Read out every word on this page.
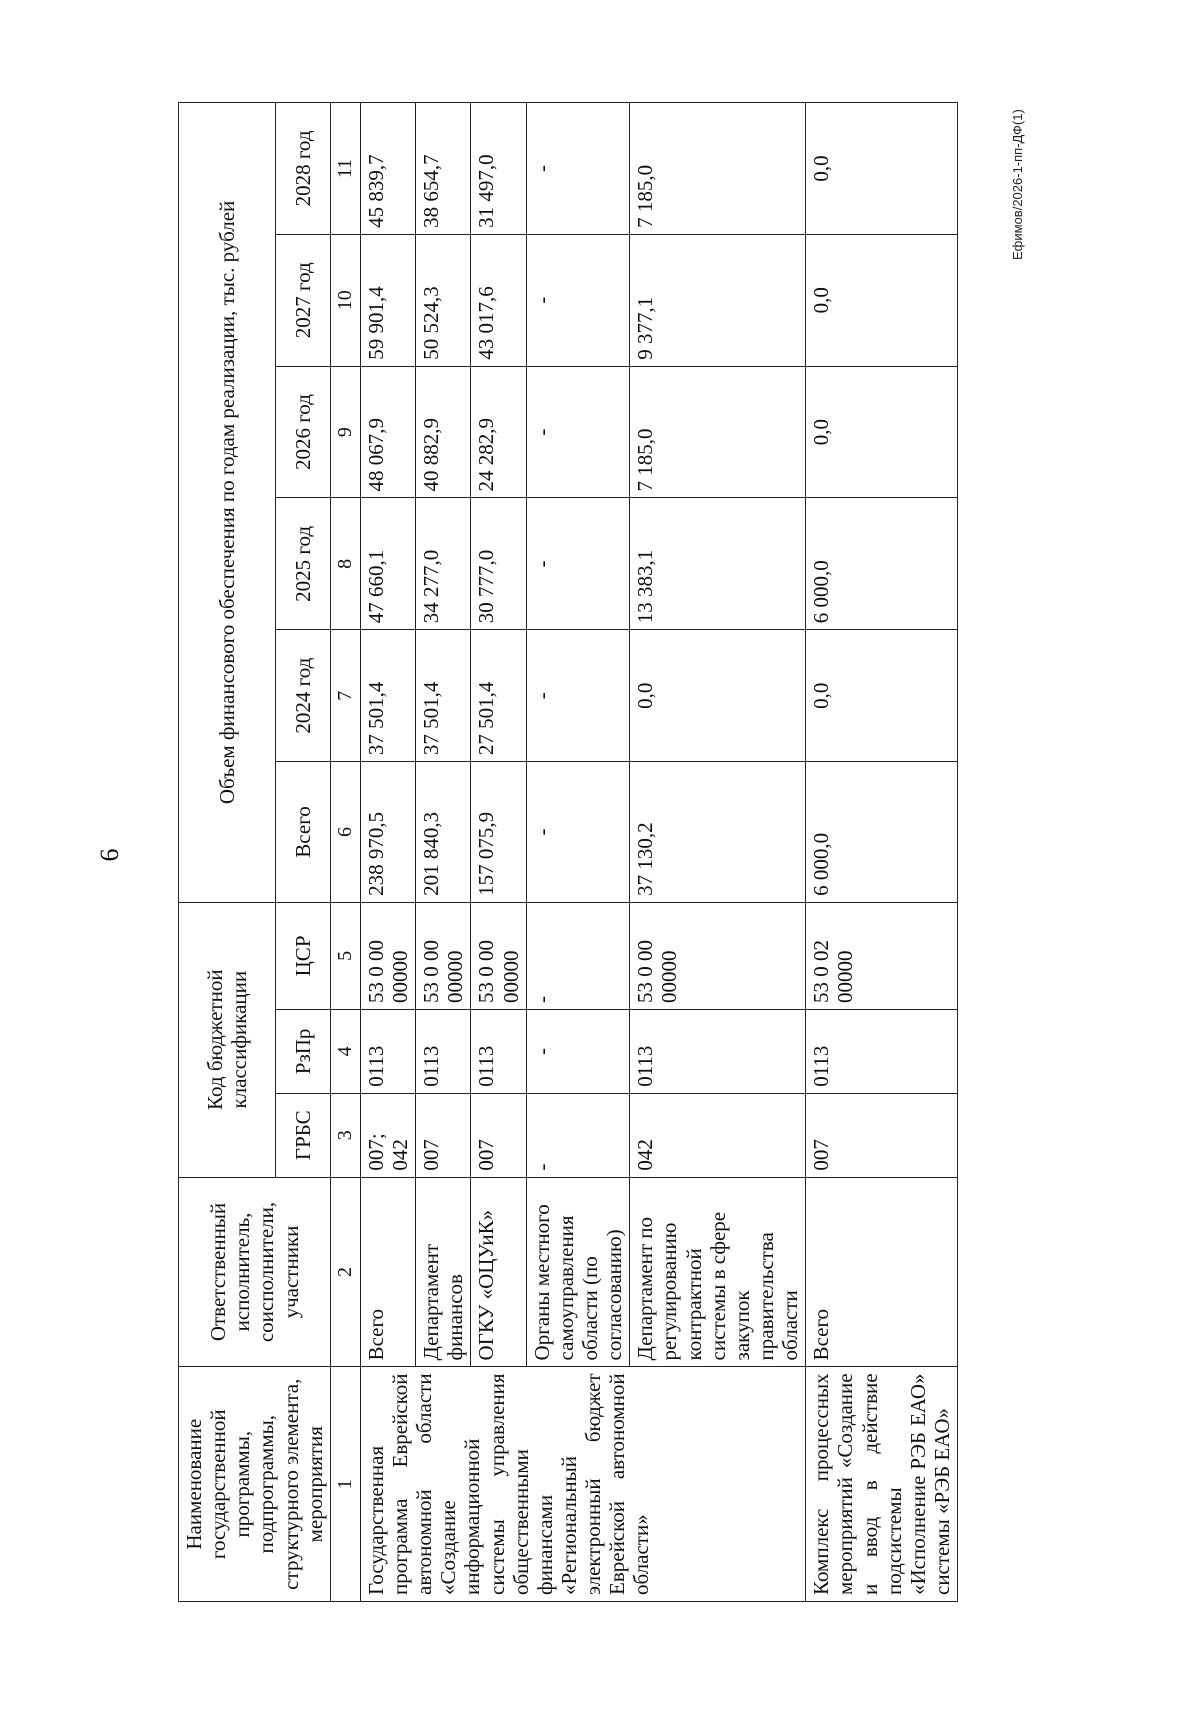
6
Ефимов/2026-1-пп-ДФ(1)
Наименование государственной программы, подпрограммы, структурного элемента, мероприятия	Ответственный исполнитель, соисполнители, участники	Код бюджетной классификации			Объем финансового обеспечения по годам реализации, тыс. рублей					
		ГРБС	РзПр	ЦСР	Всего	2024 год	2025 год	2026 год	2027 год	2028 год
1	2	3	4	5	6	7	8	9	10	11
Государственная программа Еврейской автономной области «Создание информационной системы управления общественными финансами «Региональный электронный бюджет Еврейской автономной области»	Всего	007; 042	0113	53 0 00 00000	238 970,5	37 501,4	47 660,1	48 067,9	59 901,4	45 839,7
	Департамент финансов	007	0113	53 0 00 00000	201 840,3	37 501,4	34 277,0	40 882,9	50 524,3	38 654,7
	ОГКУ «ОЦУиК»	007	0113	53 0 00 00000	157 075,9	27 501,4	30 777,0	24 282,9	43 017,6	31 497,0
	Органы местного самоуправления области (по согласованию)	-	-	-	-	-	-	-	-	-
	Департамент по регулированию контрактной системы в сфере закупок правительства области	042	0113	53 0 00 00000	37 130,2	0,0	13 383,1	7 185,0	9 377,1	7 185,0
Комплекс процессных мероприятий «Создание и ввод в действие подсистемы «Исполнение РЭБ ЕАО» системы «РЭБ ЕАО»	Всего	007	0113	53 0 02 00000	6 000,0	0,0	6 000,0	0,0	0,0	0,0
